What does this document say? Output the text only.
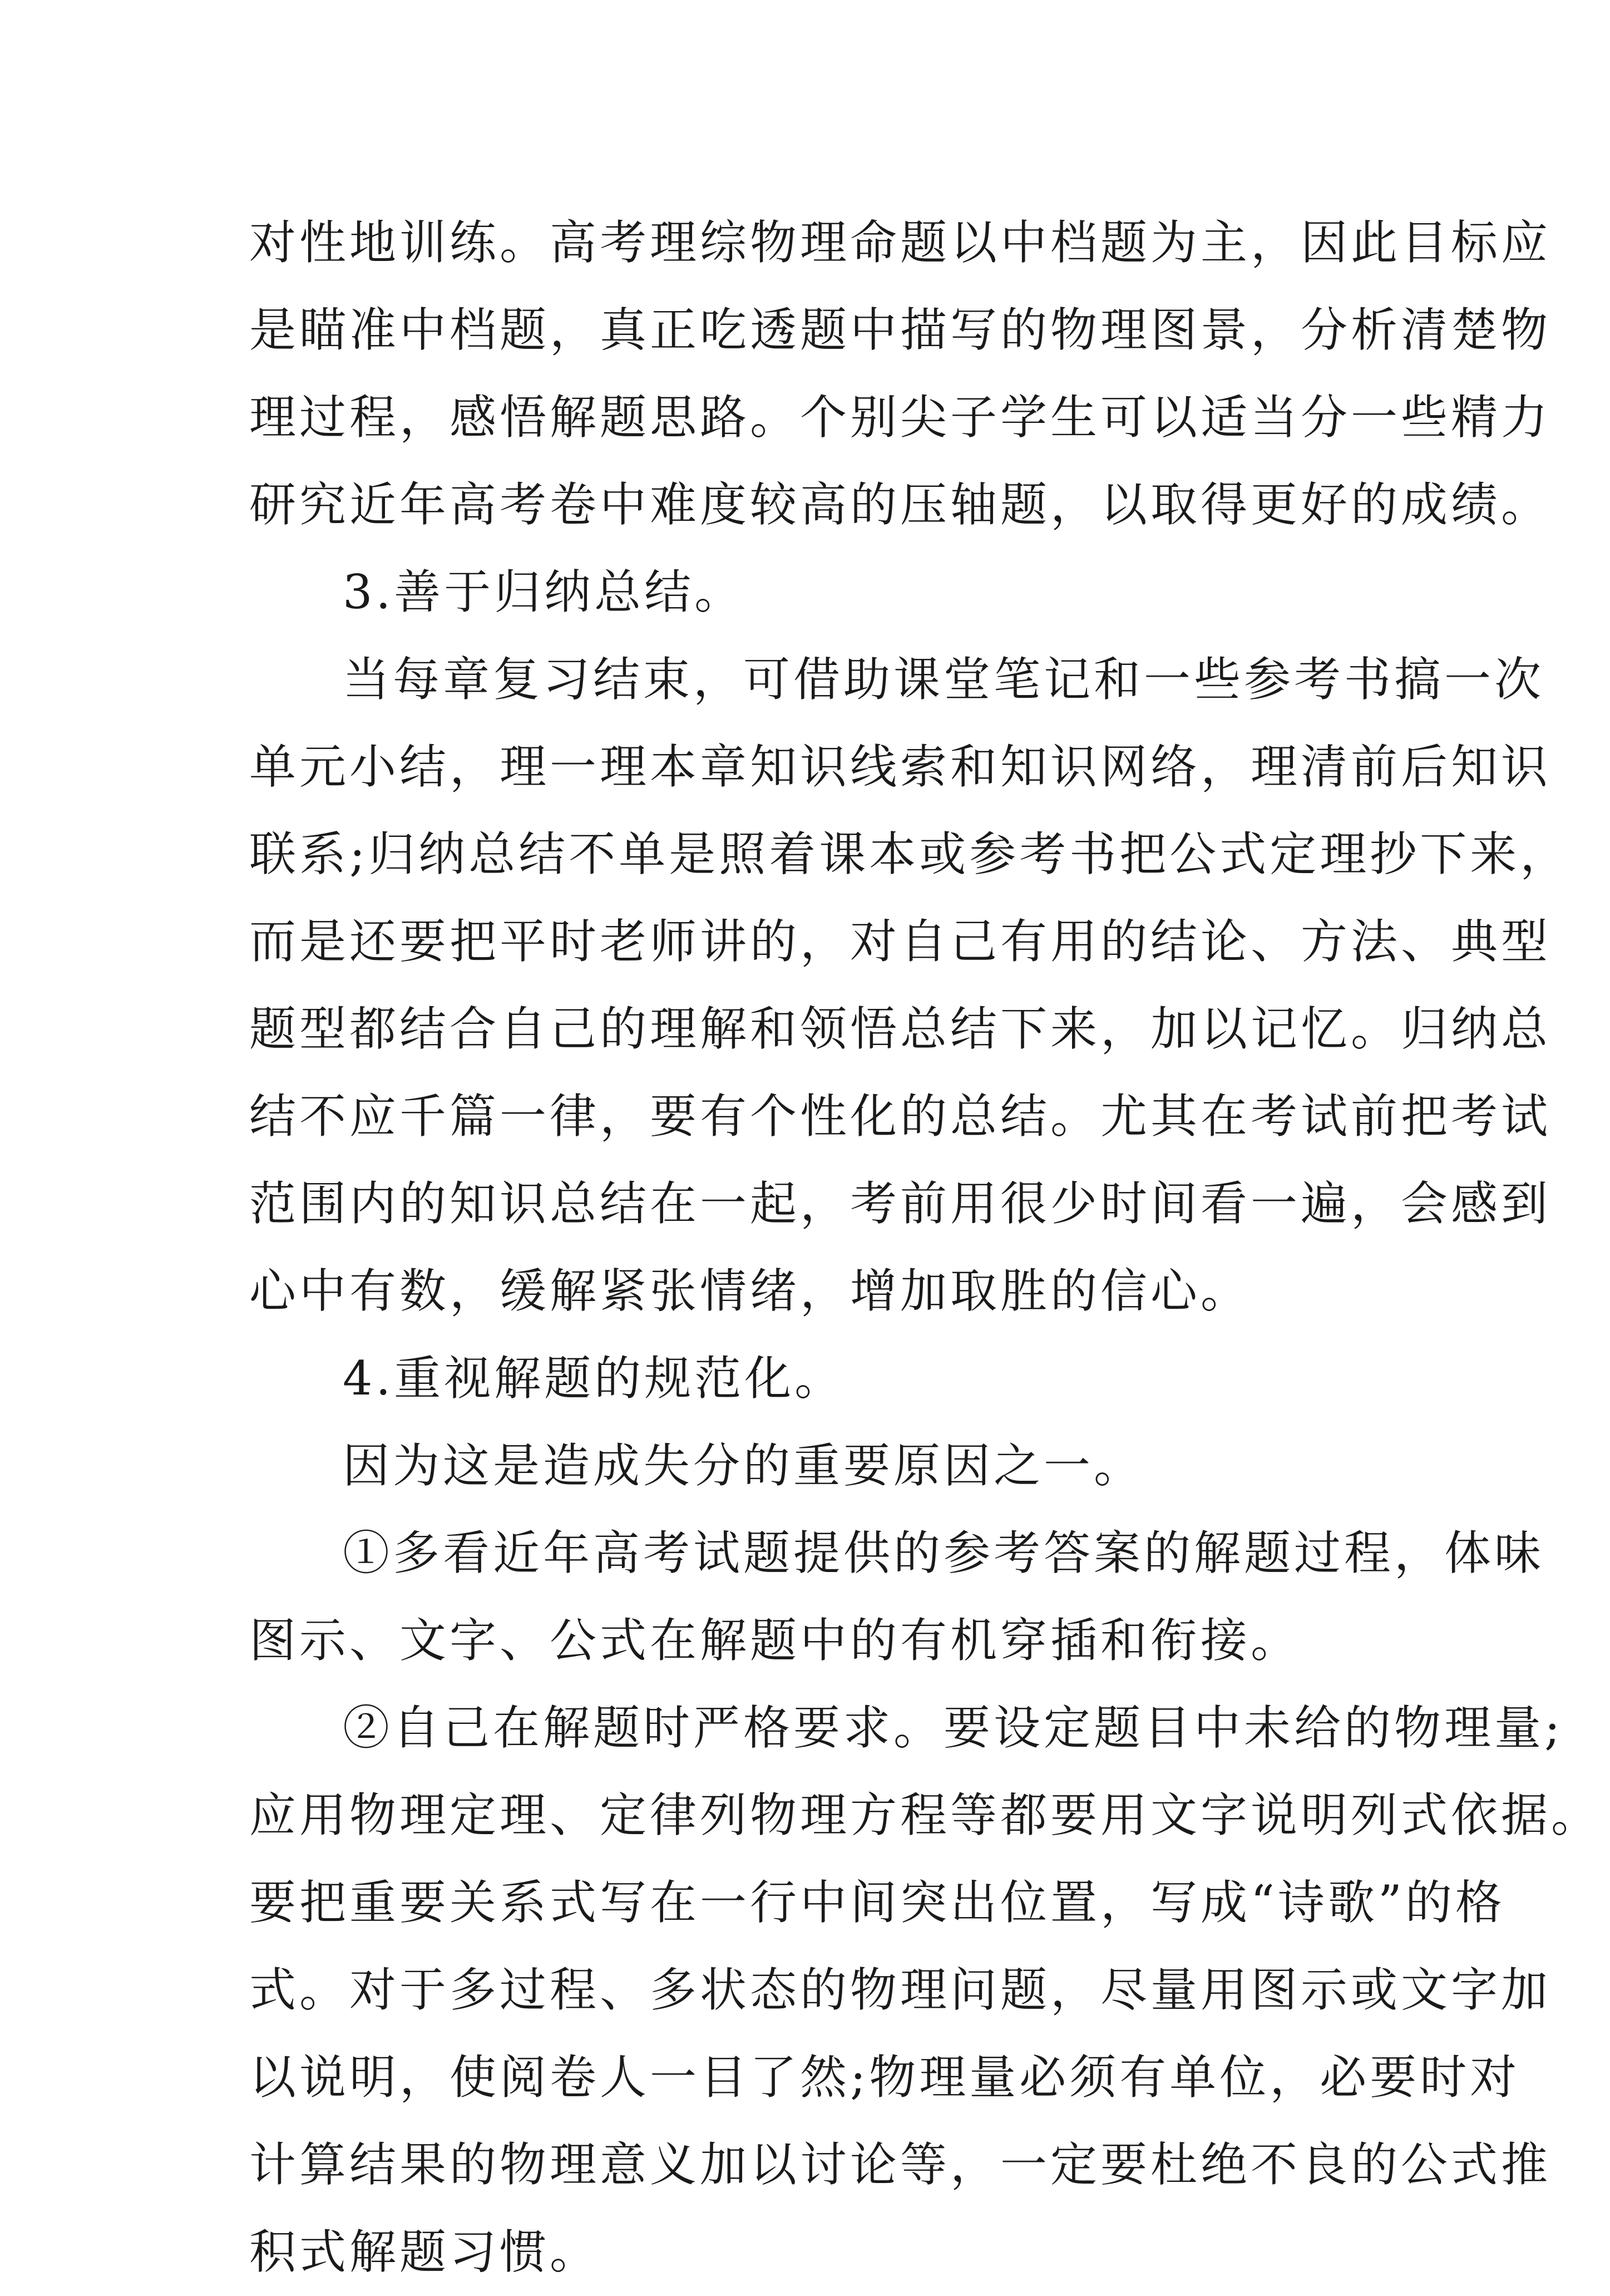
对性地训练。高考理综物理命题以中档题为主，因此目标应
是瞄准中档题，真正吃透题中描写的物理图景，分析清楚物
理过程，感悟解题思路。个别尖子学生可以适当分一些精力
研究近年高考卷中难度较高的压轴题，以取得更好的成绩。
3.善于归纳总结。
当每章复习结束，可借助课堂笔记和一些参考书搞一次
单元小结，理一理本章知识线索和知识网络，理清前后知识
联系;归纳总结不单是照着课本或参考书把公式定理抄下来，
而是还要把平时老师讲的，对自己有用的结论、方法、典型
题型都结合自己的理解和领悟总结下来，加以记忆。归纳总
结不应千篇一律，要有个性化的总结。尤其在考试前把考试
范围内的知识总结在一起，考前用很少时间看一遍，会感到
心中有数，缓解紧张情绪，增加取胜的信心。
4.重视解题的规范化。
因为这是造成失分的重要原因之一。
①多看近年高考试题提供的参考答案的解题过程，体味
图示、文字、公式在解题中的有机穿插和衔接。
②自己在解题时严格要求。要设定题目中未给的物理量;
应用物理定理、定律列物理方程等都要用文字说明列式依据。
要把重要关系式写在一行中间突出位置，写成“诗歌”的格
式。对于多过程、多状态的物理问题，尽量用图示或文字加
以说明，使阅卷人一目了然;物理量必须有单位，必要时对
计算结果的物理意义加以讨论等，一定要杜绝不良的公式推
积式解题习惯。
